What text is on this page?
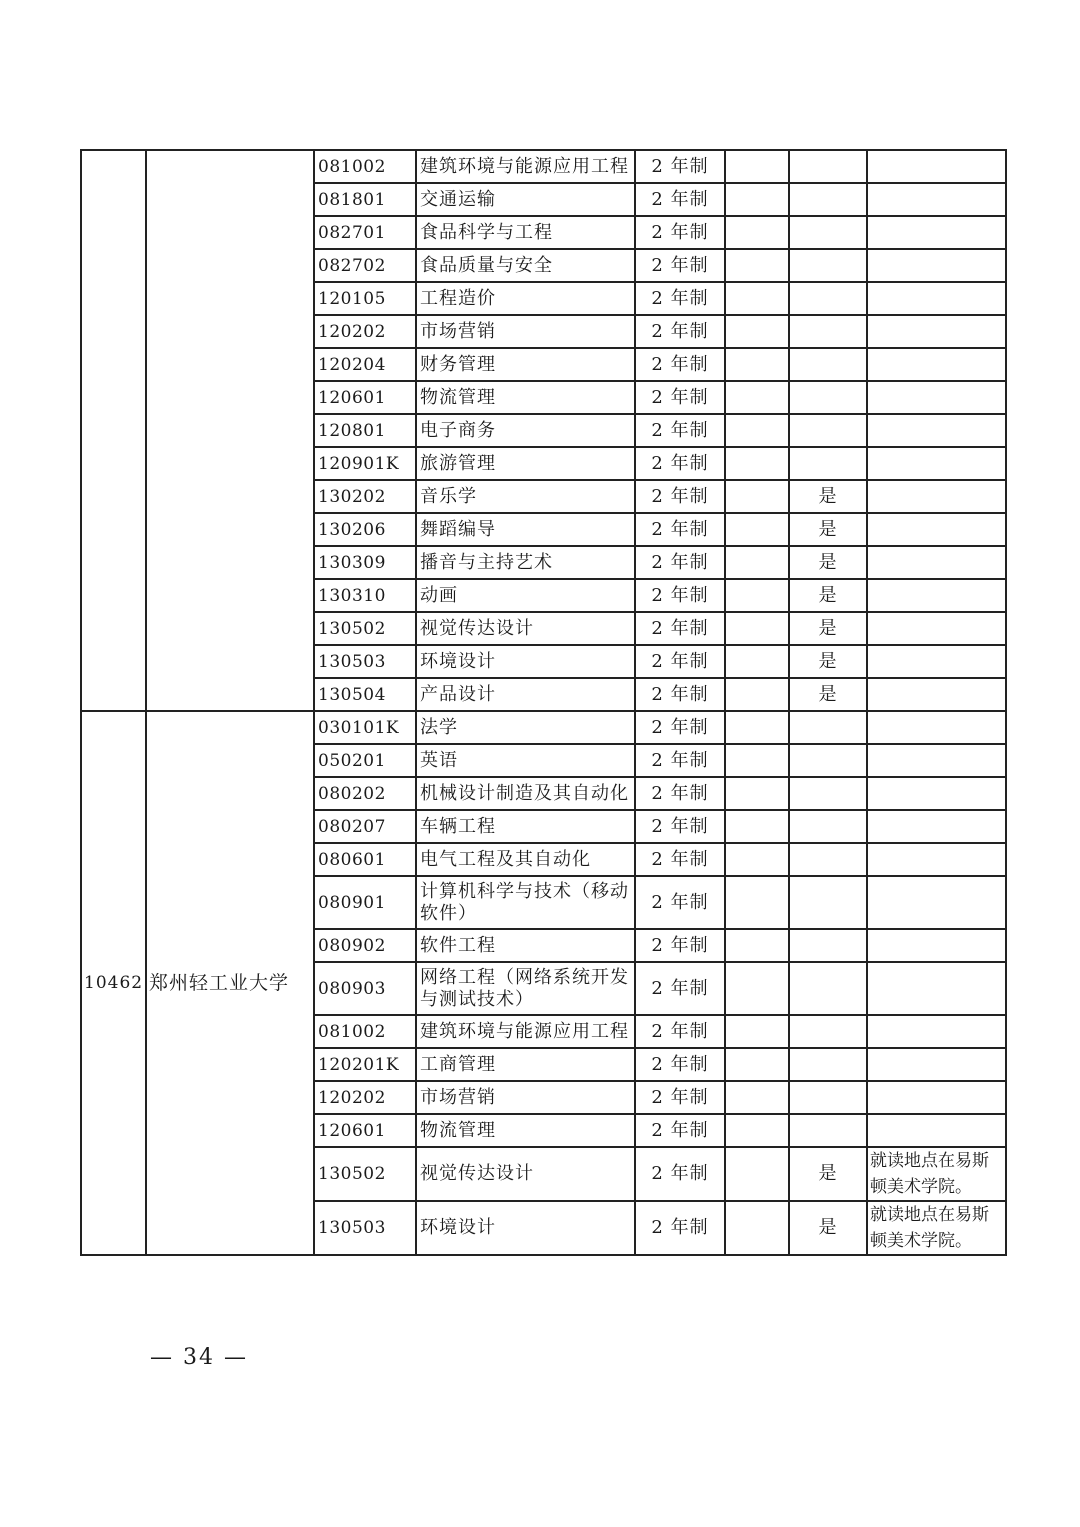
		081002	建筑环境与能源应用工程	2 年制			
		081801	交通运输	2 年制			
		082701	食品科学与工程	2 年制			
		082702	食品质量与安全	2 年制			
		120105	工程造价	2 年制			
		120202	市场营销	2 年制			
		120204	财务管理	2 年制			
		120601	物流管理	2 年制			
		120801	电子商务	2 年制			
		120901K	旅游管理	2 年制			
		130202	音乐学	2 年制		是	
		130206	舞蹈编导	2 年制		是	
		130309	播音与主持艺术	2 年制		是	
		130310	动画	2 年制		是	
		130502	视觉传达设计	2 年制		是	
		130503	环境设计	2 年制		是	
		130504	产品设计	2 年制		是	
10462	郑州轻工业大学	030101K	法学	2 年制			
		050201	英语	2 年制			
		080202	机械设计制造及其自动化	2 年制			
		080207	车辆工程	2 年制			
		080601	电气工程及其自动化	2 年制			
		080901	计算机科学与技术（移动软件）	2 年制			
		080902	软件工程	2 年制			
		080903	网络工程（网络系统开发与测试技术）	2 年制			
		081002	建筑环境与能源应用工程	2 年制			
		120201K	工商管理	2 年制			
		120202	市场营销	2 年制			
		120601	物流管理	2 年制			
		130502	视觉传达设计	2 年制		是	就读地点在易斯顿美术学院。
		130503	环境设计	2 年制		是	就读地点在易斯顿美术学院。
— 34 —
